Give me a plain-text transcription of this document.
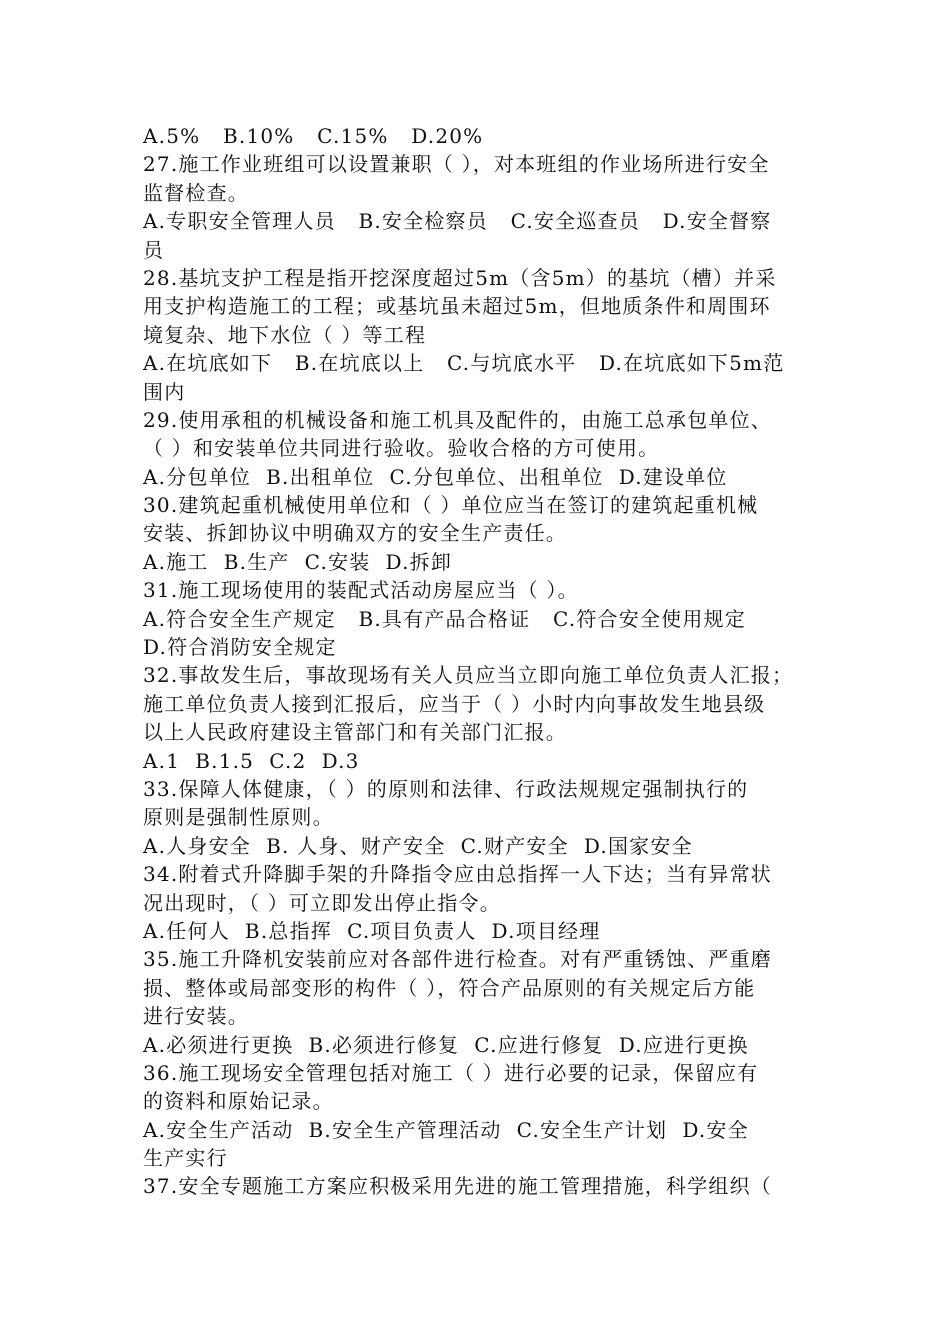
A.5%   B.10%   C.15%   D.20%
27.施工作业班组可以设置兼职（ ），对本班组的作业场所进行安全
监督检查。
A.专职安全管理人员   B.安全检察员   C.安全巡查员   D.安全督察
员
28.基坑支护工程是指开挖深度超过5m（含5m）的基坑（槽）并采
用支护构造施工的工程；或基坑虽未超过5m，但地质条件和周围环
境复杂、地下水位（ ）等工程
A.在坑底如下   B.在坑底以上   C.与坑底水平   D.在坑底如下5m范
围内
29.使用承租的机械设备和施工机具及配件的，由施工总承包单位、
（ ）和安装单位共同进行验收。验收合格的方可使用。
A.分包单位  B.出租单位  C.分包单位、出租单位  D.建设单位
30.建筑起重机械使用单位和（ ）单位应当在签订的建筑起重机械
安装、拆卸协议中明确双方的安全生产责任。
A.施工  B.生产  C.安装  D.拆卸
31.施工现场使用的装配式活动房屋应当（ ）。
A.符合安全生产规定   B.具有产品合格证   C.符合安全使用规定
D.符合消防安全规定
32.事故发生后，事故现场有关人员应当立即向施工单位负责人汇报；
施工单位负责人接到汇报后，应当于（ ）小时内向事故发生地县级
以上人民政府建设主管部门和有关部门汇报。
A.1  B.1.5  C.2  D.3
33.保障人体健康，（ ）的原则和法律、行政法规规定强制执行的
原则是强制性原则。
A.人身安全  B. 人身、财产安全  C.财产安全  D.国家安全
34.附着式升降脚手架的升降指令应由总指挥一人下达；当有异常状
况出现时，（ ）可立即发出停止指令。
A.任何人  B.总指挥  C.项目负责人  D.项目经理
35.施工升降机安装前应对各部件进行检查。对有严重锈蚀、严重磨
损、整体或局部变形的构件（ ），符合产品原则的有关规定后方能
进行安装。
A.必须进行更换  B.必须进行修复  C.应进行修复  D.应进行更换
36.施工现场安全管理包括对施工（ ）进行必要的记录，保留应有
的资料和原始记录。
A.安全生产活动  B.安全生产管理活动  C.安全生产计划  D.安全
生产实行
37.安全专题施工方案应积极采用先进的施工管理措施，科学组织（
